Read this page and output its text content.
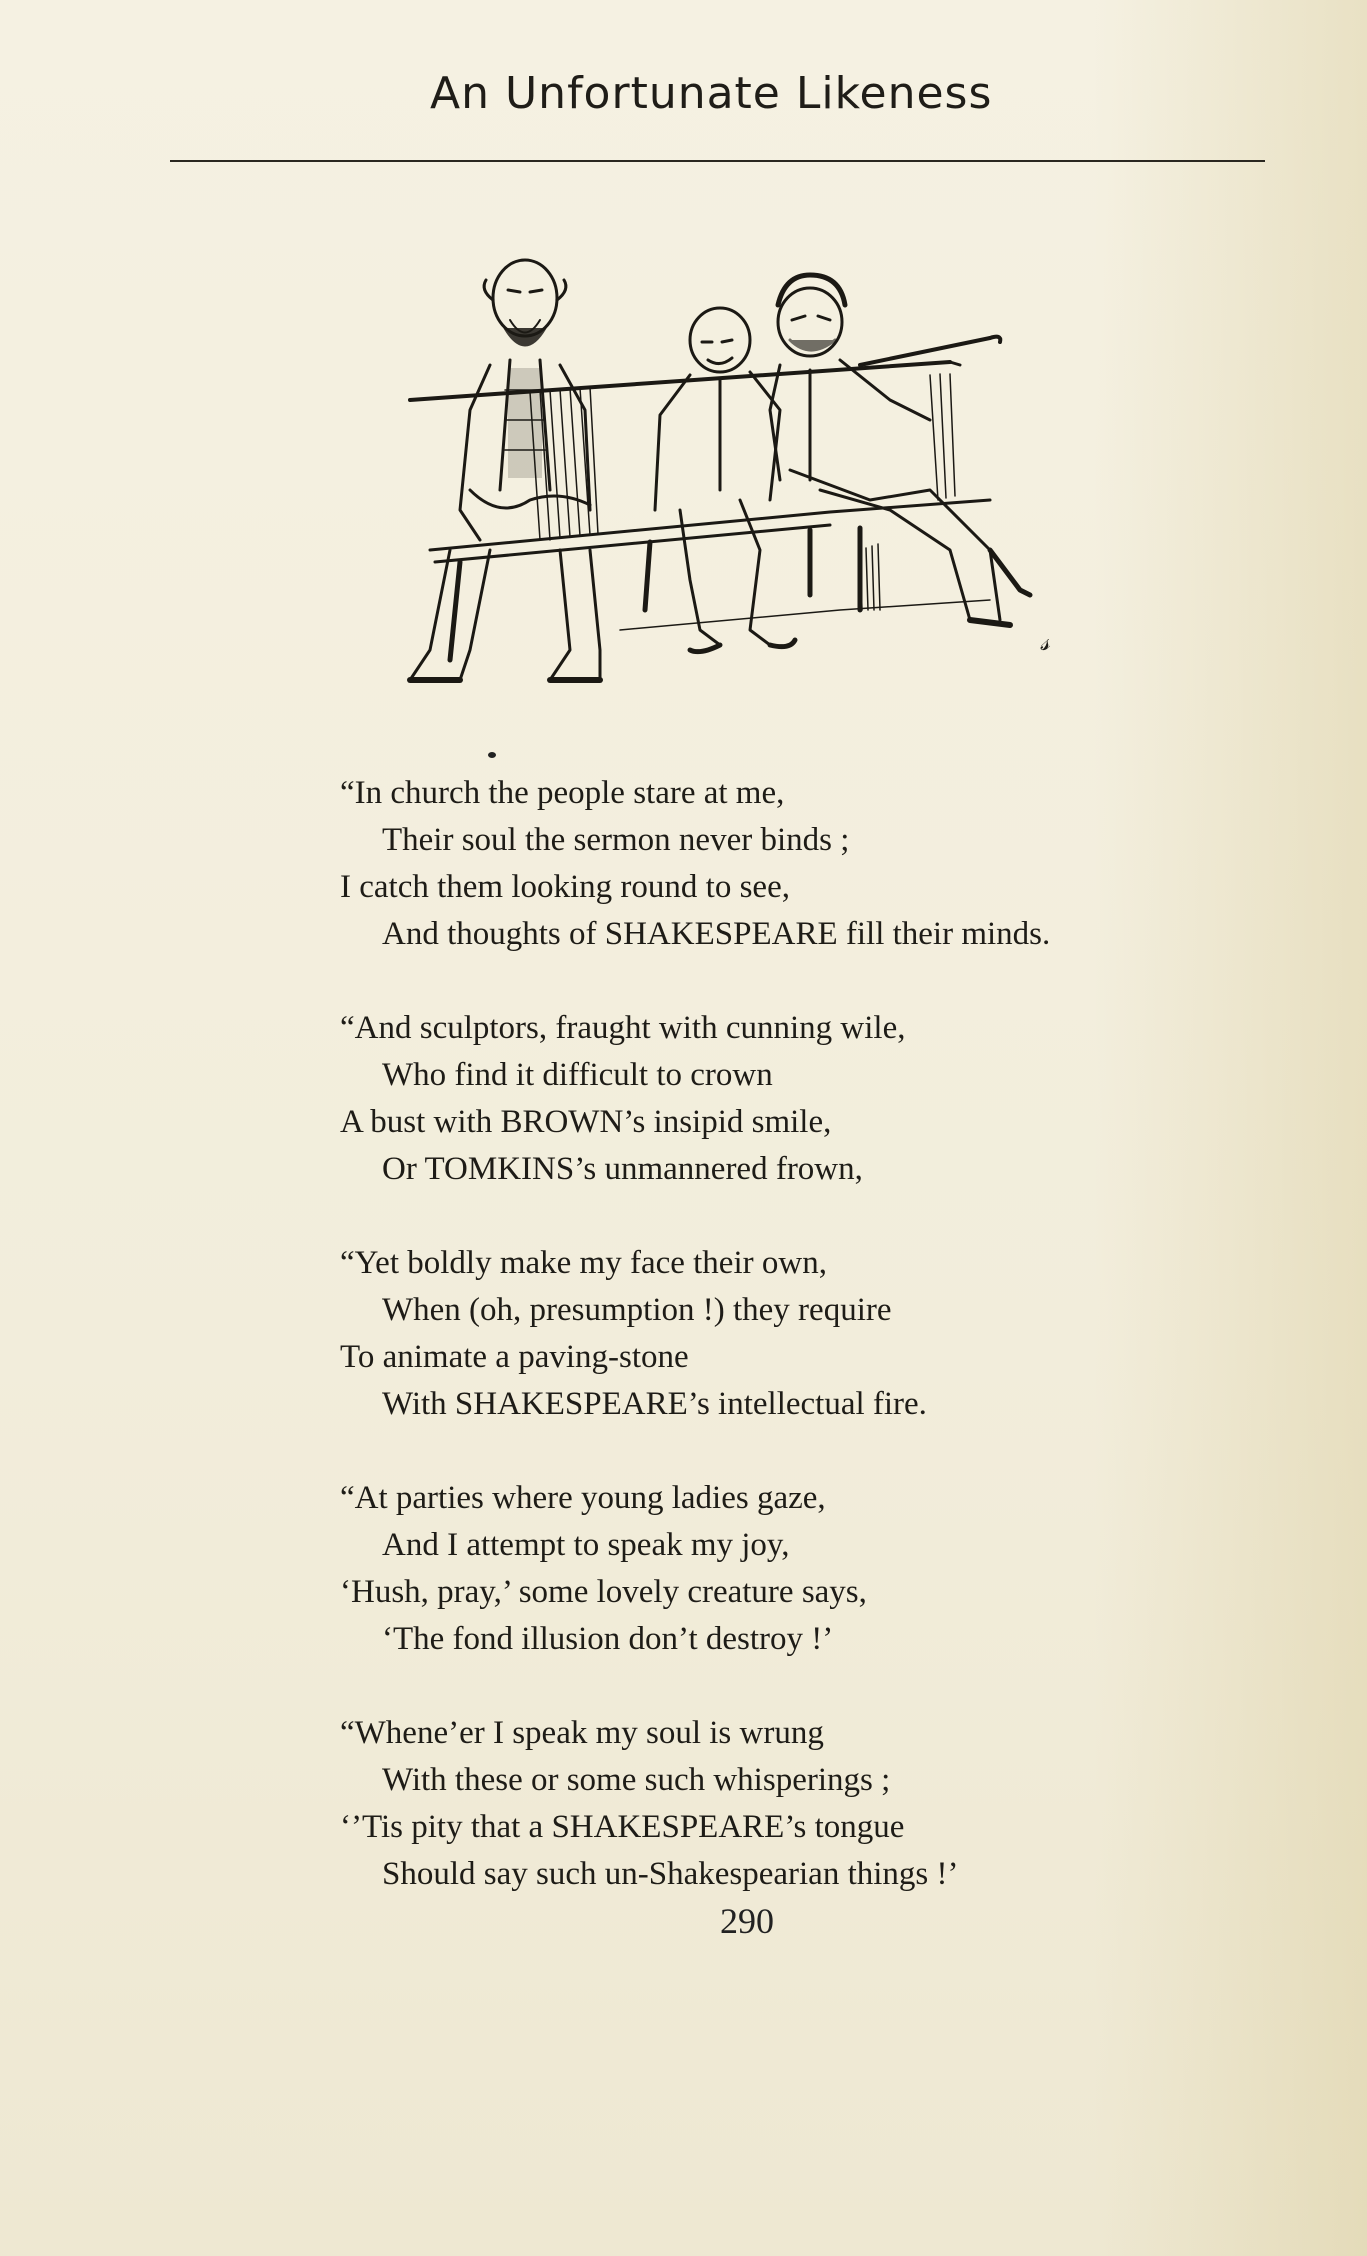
An Unfortunate Likeness
𝓈
“In church the people stare at me,
Their soul the sermon never binds ;
I catch them looking round to see,
And thoughts of SHAKESPEARE fill their minds.
“And sculptors, fraught with cunning wile,
Who find it difficult to crown
A bust with BROWN’s insipid smile,
Or TOMKINS’s unmannered frown,
“Yet boldly make my face their own,
When (oh, presumption !) they require
To animate a paving-stone
With SHAKESPEARE’s intellectual fire.
“At parties where young ladies gaze,
And I attempt to speak my joy,
‘Hush, pray,’ some lovely creature says,
‘The fond illusion don’t destroy !’
“Whene’er I speak my soul is wrung
With these or some such whisperings ;
‘’Tis pity that a SHAKESPEARE’s tongue
Should say such un-Shakespearian things !’
290
